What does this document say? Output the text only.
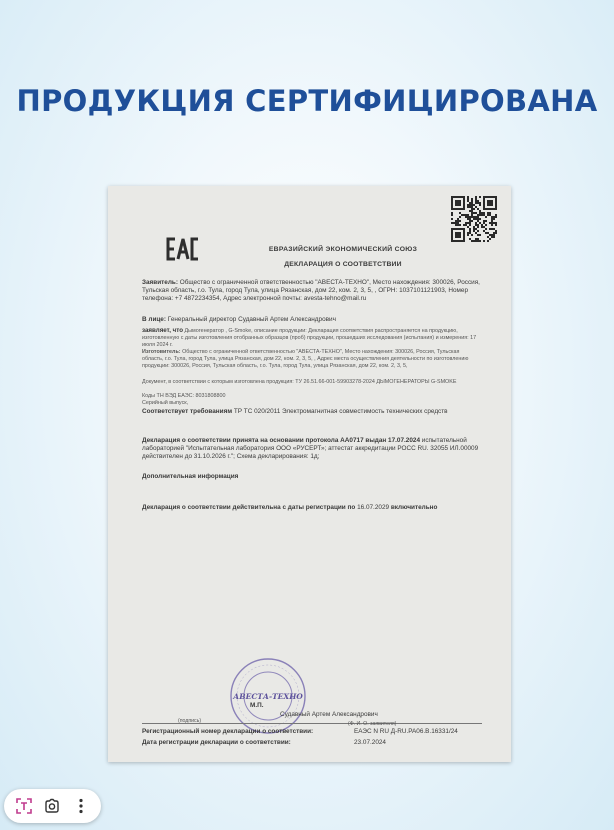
ПРОДУКЦИЯ СЕРТИФИЦИРОВАНА
ЕВРАЗИЙСКИЙ ЭКОНОМИЧЕСКИЙ СОЮЗ
ДЕКЛАРАЦИЯ О СООТВЕТСТВИИ

Заявитель: Общество с ограниченной ответственностью "АВЕСТА-ТЕХНО", Место нахождения: 300026, Россия, Тульская область, г.о. Тула, город Тула, улица Рязанская, дом 22, ком. 2, 3, 5, , ОГРН: 1037101121903, Номер телефона: +7 4872234354, Адрес электронной почты: avesta-tehno@mail.ru

В лице: Генеральный директор Судавный Артем Александрович

заявляет, что Дымогенератор , G-Smoke, описание продукции: Декларация соответствия распространяется на продукцию, изготовленную с даты изготовления отобранных образцов (проб) продукции, прошедших исследования (испытания) и измерения: 17 июля 2024 г.

Изготовитель: Общество с ограниченной ответственностью "АВЕСТА-ТЕХНО", Место нахождения: 300026, Россия, Тульская область, г.о. Тула, город Тула, улица Рязанская, дом 22, ком. 2, 3, 5, , Адрес места осуществления деятельности по изготовлению продукции: 300026, Россия, Тульская область, г.о. Тула, город Тула, улица Рязанская, дом 22, ком. 2, 3, 5,

Документ, в соответствии с которым изготовлена продукция: ТУ 26.51.66-001-59903278-2024 ДЫМОГЕНЕРАТОРЫ G-SMOKE

Коды ТН ВЭД ЕАЭС: 8031808800

Серийный выпуск,

Соответствует требованиям ТР ТС 020/2011 Электромагнитная совместимость технических средств

Декларация о соответствии принята на основании протокола АА0717 выдан 17.07.2024 испытательной лабораторией "Испытательная лаборатория ООО «РУСЕРТ»; аттестат аккредитации РОСС RU. 32055 ИЛ.00009 действителен до 31.10.2026 г."; Схема декларирования: 1д;

Дополнительная информация

Декларация о соответствии действительна с даты регистрации по 16.07.2029 включительно

АВЕСТА-ТЕХНО
М.П.
Судавный Артем Александрович
(подпись)	(Ф. И. О. заявителя)
Регистрационный номер декларации о соответствии:	ЕАЭС N RU Д-RU.PA06.B.16331/24
Дата регистрации декларации о соответствии:	23.07.2024
